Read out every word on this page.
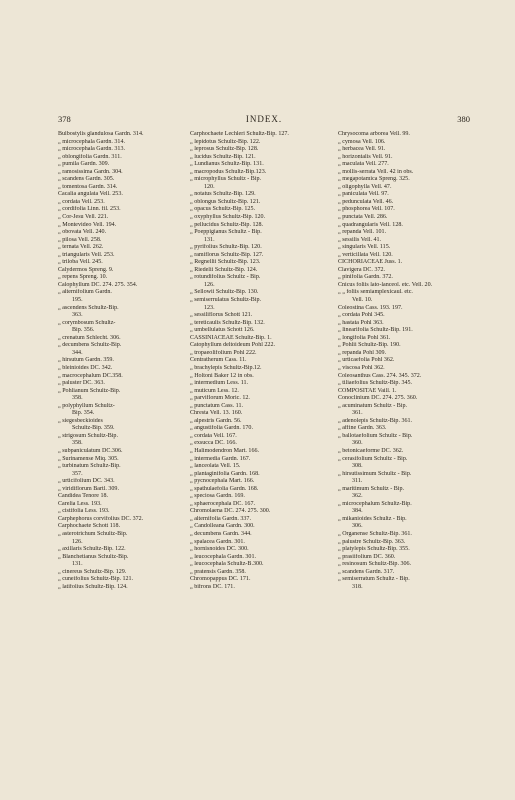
378	INDEX.	380
Bulbostylis glandulosa Gardn. 314.
„ microcephala Gardn. 314.
„ microcephala Gardn. 313.
„ oblongifolia Gardn. 311.
„ pumila Gardn. 309.
„ ramosissima Gardn. 304.
„ scandens Gardn. 305.
„ tomentosa Gardn. 314.
Cacalia angulata Vell. 253.
„ cordata Vell. 253.
„ cordifolia Linn. fil. 253.
„ Cor-Jesu Vell. 221.
„ Montevideo Vell. 194.
„ obovata Vell. 240.
„ pilosa Vell. 258.
„ ternata Vell. 262.
„ triangularis Vell. 253.
„ triloba Vell. 245.
Calydermos Spreng. 9.
„ repens Spreng. 10.
Calophyllum DC. 274. 275. 354.
„ alternifolium Gardn.
195.
„ ascendens Schultz-Bip.
363.
„ corymbosum Schultz-
Bip. 356.
„ crenatum Schlecht. 306.
„ decumbens Schultz-Bip.
344.
„ hirsutum Gardn. 359.
„ bleinioides DC. 342.
„ macrocephalum DC.358.
„ paluster DC. 363.
„ Pohlianum Schultz-Bip.
358.
„ polyphyllum Schultz-
Bip. 354.
„ siegesbeckioides
Schultz-Bip. 359.
„ strigosum Schultz-Bip.
358.
„ subpaniculatum DC.306.
„ Surinamense Miq. 305.
„ turbinatum Schultz-Bip.
357.
„ urticifolium DC. 343.
„ viridiflorum Bartl. 309.
Candidea Tenore 18.
Carelia Less. 193.
„ cistifolia Less. 193.
Carphephorus corvifolius DC. 372.
Carphochaete Schott 118.
„ asterotrichum Schultz-Bip.
126.
„ axillaris Schultz-Bip. 122.
„ Blanchetianus Schultz-Bip.
131.
„ cinereus Schultz-Bip. 129.
„ cuneifolius Schultz-Bip. 121.
„ latifolius Schultz-Bip. 124.
Carphochaete Lechleri Schultz-Bip. 127.
„ lepidotus Schultz-Bip. 122.
„ leprosus Schultz-Bip. 128.
„ lucidus Schultz-Bip. 121.
„ Lundianus Schultz-Bip. 131.
„ macropodus Schultz-Bip.123.
„ microphyllus Schultz - Bip.
120.
„ notatus Schultz-Bip. 129.
„ oblongus Schultz-Bip. 121.
„ opacus Schultz-Bip. 125.
„ oxyphyllus Schultz-Bip. 120.
„ pellucidus Schultz-Bip. 128.
„ Poeppigianus Schultz - Bip.
131.
„ pyrifolius Schultz-Bip. 120.
„ ramiflorus Schultz-Bip. 127.
„ Regnellii Schultz-Bip. 123.
„ Riedelii Schultz-Bip. 124.
„ rotundifolius Schultz - Bip.
126.
„ Sellowii Schultz-Bip. 130.
„ semiserrulatus Schultz-Bip.
123.
„ sessiliflorus Schott 121.
„ tereticaulis Schultz-Bip. 132.
„ umbellulatus Schott 126.
CASSINIACEAE Schultz-Bip. 1.
Catophyllum deltoideum Pohl 222.
„ tropaeolifolium Pohl 222.
Centratherum Cass. 11.
„ brachylepis Schultz-Bip.12.
„ Holtoni Baker 12 in obs.
„ intermedium Less. 11.
„ muticum Less. 12.
„ parviflorum Moric. 12.
„ punctatum Cass. 11.
Chresta Vell. 13. 160.
„ alpestris Gardn. 56.
„ angustifolia Gardn. 170.
„ cordata Vell. 167.
„ exsucca DC. 166.
„ Halimodendron Mart. 166.
„ intermedia Gardn. 167.
„ lanceolata Vell. 15.
„ plantaginifolia Gardn. 168.
„ pycnocephala Mart. 166.
„ spathulaefolia Gardn. 168.
„ speciosa Gardn. 169.
„ sphaerocephala DC. 167.
Chromolaena DC. 274. 275. 300.
„ alternifolia Gardn. 337.
„ Candolleana Gardn. 300.
„ decumbens Gardn. 344.
„ spalacea Gardn. 301.
„ hornisnoides DC. 300.
„ leucocephala Gardn. 301.
„ leucocephala Schultz-B.300.
„ pratensis Gardn. 358.
Chromopappus DC. 171.
„ bifrons DC. 171.
Chrysocoma arborea Vell. 99.
„ cymosa Vell. 106.
„ herbacea Vell. 91.
„ horizontalis Vell. 91.
„ maculata Vell. 277.
„ mollis-serrata Vell. 42 in obs.
„ megapotamica Spreng. 325.
„ oligophylla Vell. 47.
„ paniculata Vell. 97.
„ pedunculata Vell. 46.
„ phosphorea Vell. 107.
„ punctata Vell. 286.
„ quadrangularis Vell. 128.
„ repanda Vell. 101.
„ sessilis Vell. 41.
„ singularis Vell. 115.
„ verticillata Vell. 120.
CICHORIACEAE Juss. 1.
Clavigera DC. 372.
„ pinifolia Gardn. 372.
Cnicus foliis lato-lanceol. etc. Vell. 20.
„ „ foliis semiamplexicaul. etc.
Vell. 10.
Coleostina Cass. 193. 197.
„ cordata Pohl 345.
„ hastata Pohl 363.
„ linearifolia Schultz-Bip. 191.
„ longifolia Pohl 361.
„ Pohlii Schultz-Bip. 190.
„ repanda Pohl 309.
„ urticaefolia Pohl 362.
„ viscosa Pohl 362.
Coleosanthus Cass. 274. 345. 372.
„ tiliaefolius Schultz-Bip. 345.
COMPOSITAE Vaill. 1.
Conoclinium DC. 274. 275. 360.
„ acuminatum Schultz - Bip.
361.
„ adenolepis Schultz-Bip. 361.
„ affine Gardn. 363.
„ ballotaefolium Schultz - Bip.
360.
„ betonicaeforme DC. 362.
„ cerasifolium Schultz - Bip.
308.
„ hirsutissimum Schultz - Bip.
311.
„ maritimum Schultz - Bip.
362.
„ microcephalum Schultz-Bip.
384.
„ mikanioides Schultz - Bip.
306.
„ Organense Schultz-Bip. 361.
„ palustre Schultz-Bip. 363.
„ platylepis Schultz-Bip. 355.
„ prasiifolium DC. 360.
„ resinosum Schultz-Bip. 306.
„ scandens Gardn. 317.
„ semiserratum Schultz - Bip.
318.
